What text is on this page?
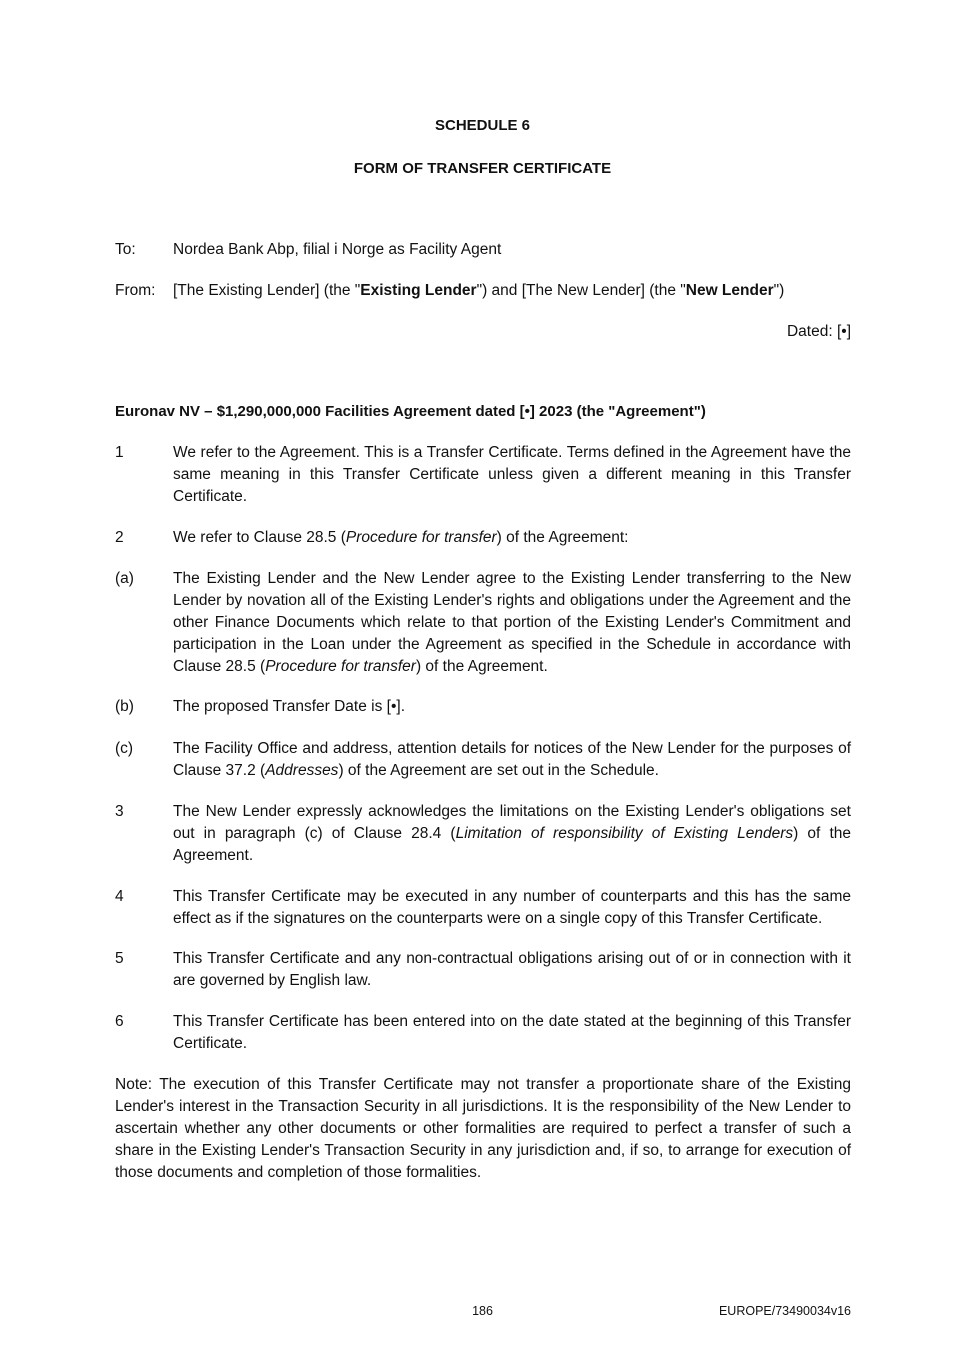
SCHEDULE 6
FORM OF TRANSFER CERTIFICATE
To: Nordea Bank Abp, filial i Norge as Facility Agent
From: [The Existing Lender] (the "Existing Lender") and [The New Lender] (the "New Lender")
Dated: [•]
Euronav NV – $1,290,000,000 Facilities Agreement dated [•] 2023 (the "Agreement")
1	We refer to the Agreement. This is a Transfer Certificate. Terms defined in the Agreement have the same meaning in this Transfer Certificate unless given a different meaning in this Transfer Certificate.
2	We refer to Clause 28.5 (Procedure for transfer) of the Agreement:
(a)	The Existing Lender and the New Lender agree to the Existing Lender transferring to the New Lender by novation all of the Existing Lender's rights and obligations under the Agreement and the other Finance Documents which relate to that portion of the Existing Lender's Commitment and participation in the Loan under the Agreement as specified in the Schedule in accordance with Clause 28.5 (Procedure for transfer) of the Agreement.
(b)	The proposed Transfer Date is [•].
(c)	The Facility Office and address, attention details for notices of the New Lender for the purposes of Clause 37.2 (Addresses) of the Agreement are set out in the Schedule.
3	The New Lender expressly acknowledges the limitations on the Existing Lender's obligations set out in paragraph (c) of Clause 28.4 (Limitation of responsibility of Existing Lenders) of the Agreement.
4	This Transfer Certificate may be executed in any number of counterparts and this has the same effect as if the signatures on the counterparts were on a single copy of this Transfer Certificate.
5	This Transfer Certificate and any non-contractual obligations arising out of or in connection with it are governed by English law.
6	This Transfer Certificate has been entered into on the date stated at the beginning of this Transfer Certificate.
Note: The execution of this Transfer Certificate may not transfer a proportionate share of the Existing Lender's interest in the Transaction Security in all jurisdictions. It is the responsibility of the New Lender to ascertain whether any other documents or other formalities are required to perfect a transfer of such a share in the Existing Lender's Transaction Security in any jurisdiction and, if so, to arrange for execution of those documents and completion of those formalities.
186	EUROPE/73490034v16
